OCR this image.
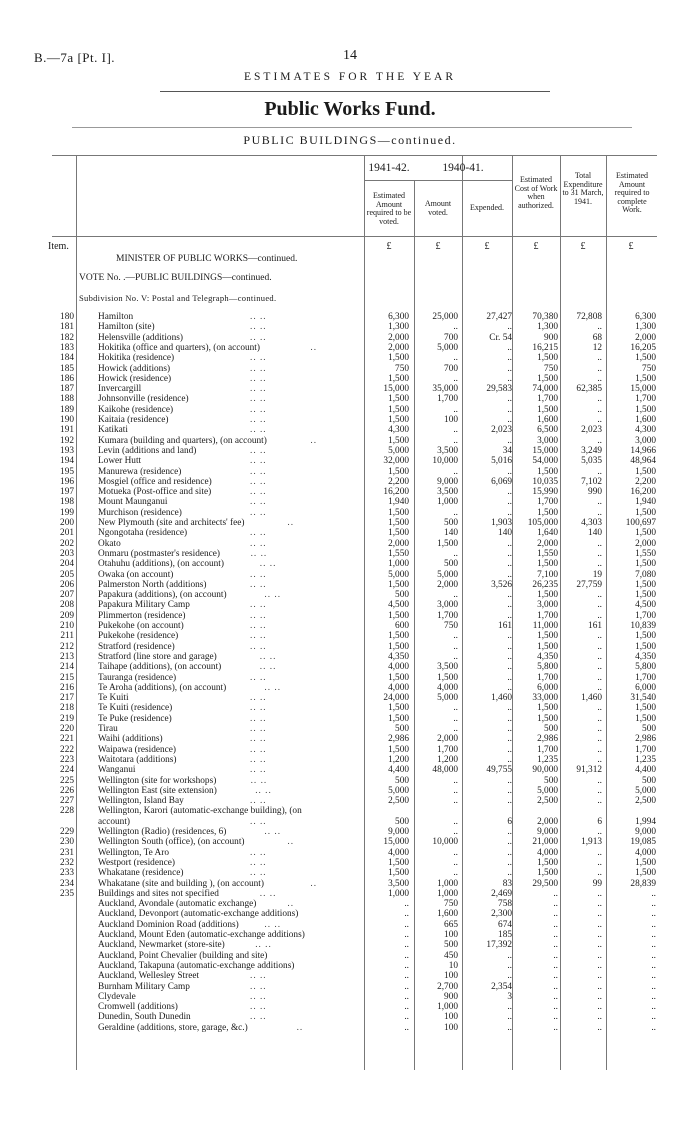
B.—7a [Pt. I].	14
ESTIMATES FOR THE YEAR
Public Works Fund.
PUBLIC BUILDINGS—continued.
1941-42.	1940-41.
Estimated Amount required to be voted.
Amount voted.	Expended.
Estimated Cost of Work when authorized.
Total Expenditure to 31 March, 1941.
Estimated Amount required to complete Work.
Item.	£	£	£	£	£	£
MINISTER OF PUBLIC WORKS—continued.
VOTE No. .—PUBLIC BUILDINGS—continued.
Subdivision No. V: Postal and Telegraph—continued.
180	Hamilton	6,300	25,000	27,427	70,380	72,808	6,300
.. ..
181	Hamilton (site)	1,300	..	..	1,300	..	1,300
.. ..
182	Helensville (additions)	2,000	700	Cr. 54	900	68	2,000
.. ..
183	Hokitika (office and quarters), (on account)	2,000	5,000	..	16,215	12	16,205
..
184	Hokitika (residence)	1,500	..	..	1,500	..	1,500
.. ..
185	Howick (additions)	750	700	..	750	..	750
.. ..
186	Howick (residence)	1,500	..	..	1,500	..	1,500
.. ..
187	Invercargill	15,000	35,000	29,583	74,000	62,385	15,000
.. ..
188	Johnsonville (residence)	1,500	1,700	..	1,700	..	1,700
.. ..
189	Kaikohe (residence)	1,500	..	..	1,500	..	1,500
.. ..
190	Kaitaia (residence)	1,500	100	..	1,600	..	1,600
.. ..
191	Katikati	4,300	..	2,023	6,500	2,023	4,300
.. ..
192	Kumara (building and quarters), (on account)	1,500	..	..	3,000	..	3,000
..
193	Levin (additions and land)	5,000	3,500	34	15,000	3,249	14,966
.. ..
194	Lower Hutt	32,000	10,000	5,016	54,000	5,035	48,964
.. ..
195	Manurewa (residence)	1,500	..	..	1,500	..	1,500
.. ..
196	Mosgiel (office and residence)	2,200	9,000	6,069	10,035	7,102	2,200
.. ..
197	Motueka (Post-office and site)	16,200	3,500	..	15,990	990	16,200
.. ..
198	Mount Maunganui	1,940	1,000	..	1,700	..	1,940
.. ..
199	Murchison (residence)	1,500	..	..	1,500	..	1,500
.. ..
200	New Plymouth (site and architects' fee)	1,500	500	1,903	105,000	4,303	100,697
..
201	Ngongotaha (residence)	1,500	140	140	1,640	140	1,500
.. ..
202	Okato	2,000	1,500	..	2,000	..	2,000
.. ..
203	Onmaru (postmaster's residence)	1,550	..	..	1,550	..	1,550
.. ..
204	Otahuhu (additions), (on account)	1,000	500	..	1,500	..	1,500
.. ..
205	Owaka (on account)	5,000	5,000	..	7,100	19	7,080
.. ..
206	Palmerston North (additions)	1,500	2,000	3,526	26,235	27,759	1,500
.. ..
207	Papakura (additions), (on account)	500	..	..	1,500	..	1,500
.. ..
208	Papakura Military Camp	4,500	3,000	..	3,000	..	4,500
.. ..
209	Plimmerton (residence)	1,500	1,700	..	1,700	..	1,700
.. ..
210	Pukekohe (on account)	600	750	161	11,000	161	10,839
.. ..
211	Pukekohe (residence)	1,500	..	..	1,500	..	1,500
.. ..
212	Stratford (residence)	1,500	..	..	1,500	..	1,500
.. ..
213	Stratford (line store and garage)	4,350	..	..	4,350	..	4,350
.. ..
214	Taihape (additions), (on account)	4,000	3,500	..	5,800	..	5,800
.. ..
215	Tauranga (residence)	1,500	1,500	..	1,700	..	1,700
.. ..
216	Te Aroha (additions), (on account)	4,000	4,000	..	6,000	..	6,000
.. ..
217	Te Kuiti	24,000	5,000	1,460	33,000	1,460	31,540
.. ..
218	Te Kuiti (residence)	1,500	..	..	1,500	..	1,500
.. ..
219	Te Puke (residence)	1,500	..	..	1,500	..	1,500
.. ..
220	Tirau	500	..	..	500	..	500
.. ..
221	Waihi (additions)	2,986	2,000	..	2,986	..	2,986
.. ..
222	Waipawa (residence)	1,500	1,700	..	1,700	..	1,700
.. ..
223	Waitotara (additions)	1,200	1,200	..	1,235	..	1,235
.. ..
224	Wanganui	4,400	48,000	49,755	90,000	91,312	4,400
.. ..
225	Wellington (site for workshops)	500	..	..	500	..	500
.. ..
226	Wellington East (site extension)	5,000	..	..	5,000	..	5,000
.. ..
227	Wellington, Island Bay	2,500	..	..	2,500	..	2,500
.. ..
228	Wellington, Karori (automatic-exchange building), (on
account)	500	..	6	2,000	6	1,994
.. ..
229	Wellington (Radio) (residences, 6)	9,000	..	..	9,000	..	9,000
.. ..
230	Wellington South (office), (on account)	15,000	10,000	..	21,000	1,913	19,085
..
231	Wellington, Te Aro	4,000	..	..	4,000	..	4,000
.. ..
232	Westport (residence)	1,500	..	..	1,500	..	1,500
.. ..
233	Whakatane (residence)	1,500	..	..	1,500	..	1,500
.. ..
234	Whakatane (site and building ), (on account)	3,500	1,000	83	29,500	99	28,839
..
235	Buildings and sites not specified	1,000	1,000	2,469	..	..	..
.. ..
Auckland, Avondale (automatic exchange)	..	750	758	..	..	..
..
Auckland, Devonport (automatic-exchange additions)	..	1,600	2,300	..	..	..
Auckland Dominion Road (additions)	..	665	674	..	..	..
.. ..
Auckland, Mount Eden (automatic-exchange additions)	..	100	185	..	..	..
Auckland, Newmarket (store-site)	..	500	17,392	..	..	..
.. ..
Auckland, Point Chevalier (building and site)	..	450	..	..	..	..
Auckland, Takapuna (automatic-exchange additions)	..	10	..	..	..	..
Auckland, Wellesley Street	..	100	..	..	..	..
.. ..
Burnham Military Camp	..	2,700	2,354	..	..	..
.. ..
Clydevale	..	900	3	..	..	..
.. ..
Cromwell (additions)	..	1,000	..	..	..	..
.. ..
Dunedin, South Dunedin	..	100	..	..	..	..
.. ..
Geraldine (additions, store, garage, &c.)	..	100	..	..	..	..
..
